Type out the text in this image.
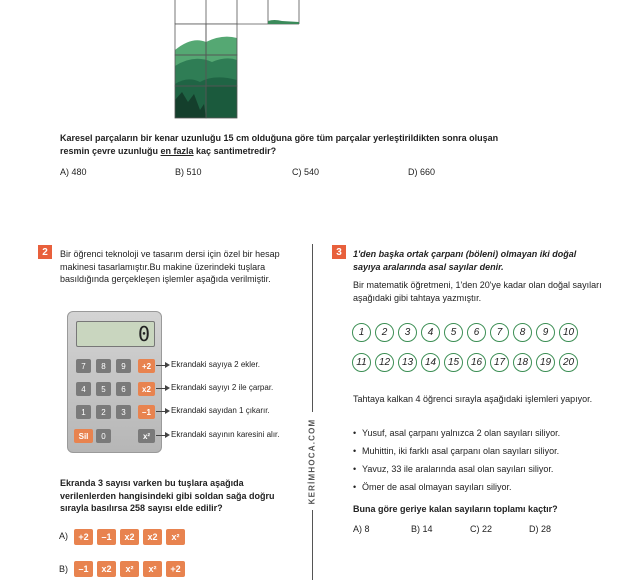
Karesel parçaların bir kenar uzunluğu 15 cm olduğuna göre tüm parçalar yerleştirildikten sonra oluşan resmin çevre uzunluğu en fazla kaç santimetredir?
A) 480	B) 510	C) 540	D) 660
KERİMHOCA.COM
2	Bir öğrenci teknoloji ve tasarım dersi için özel bir hesap makinesi tasarlamıştır.Bu makine üzerindeki tuşlara basıldığında gerçekleşen işlemler aşağıda verilmiştir.
0
7	8	9	+2
4	5	6	x2
1	2	3	–1
Sil	0	x²
Ekrandaki sayıya 2 ekler.
Ekrandaki sayıyı 2 ile çarpar.
Ekrandaki sayıdan 1 çıkarır.
Ekrandaki sayının karesini alır.
Ekranda 3 sayısı varken bu tuşlara aşağıda verilenlerden hangisindeki gibi soldan sağa doğru sırayla basılırsa 258 sayısı elde edilir?
A)	+2	–1	x2	x2	x²
B)	–1	x2	x²	x²	+2
3	1'den başka ortak çarpanı (böleni) olmayan iki doğal sayıya aralarında asal sayılar denir.
Bir matematik öğretmeni, 1'den 20'ye kadar olan doğal sayıları aşağıdaki gibi tahtaya yazmıştır.
1	2	3	4	5	6	7	8	9	10
11	12	13	14	15	16	17	18	19	20
Tahtaya kalkan 4 öğrenci sırayla aşağıdaki işlemleri yapıyor.
• Yusuf, asal çarpanı yalnızca 2 olan sayıları siliyor.
• Muhittin, iki farklı asal çarpanı olan sayıları siliyor.
• Yavuz, 33 ile aralarında asal olan sayıları siliyor.
• Ömer de asal olmayan sayıları siliyor.
Buna göre geriye kalan sayıların toplamı kaçtır?
A) 8	B) 14	C) 22	D) 28
